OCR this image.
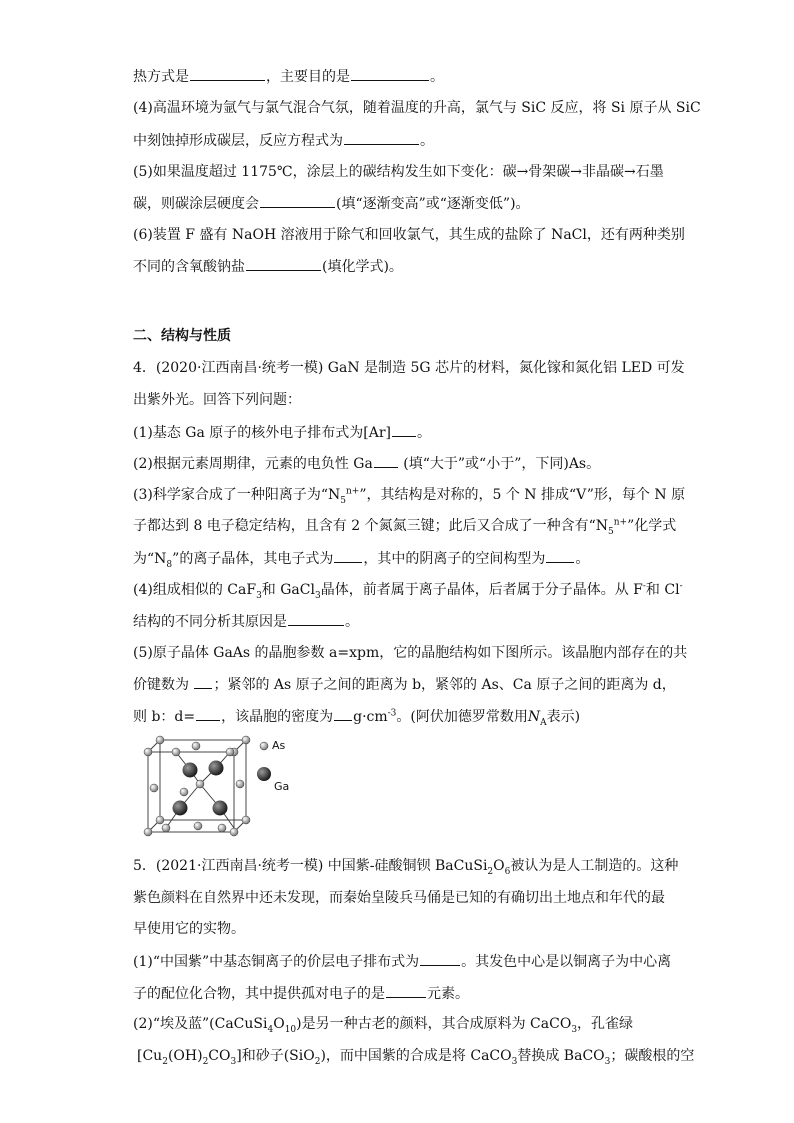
热方式是	，主要目的是	。
(4)高温环境为氩气与氯气混合气氛，随着温度的升高，氯气与 SiC 反应，将 Si 原子从 SiC
中刻蚀掉形成碳层，反应方程式为	。
(5)如果温度超过 1175℃，涂层上的碳结构发生如下变化：碳→骨架碳→非晶碳→石墨
碳，则碳涂层硬度会	(填“逐渐变高”或“逐渐变低”)。
(6)装置 F 盛有 NaOH 溶液用于除气和回收氯气，其生成的盐除了 NaCl，还有两种类别
不同的含氧酸钠盐	(填化学式)。
二、结构与性质
4．(2020·江西南昌·统考一模) GaN 是制造 5G 芯片的材料，氮化镓和氮化铝 LED 可发
出紫外光。回答下列问题：
(1)基态 Ga 原子的核外电子排布式为[Ar] 。
(2)根据元素周期律，元素的电负性 Ga (填“大于”或“小于”，下同)As。
(3)科学家合成了一种阳离子为“$N_5^{n+}$”，其结构是对称的，5 个 N 排成“V”形，每个 N 原
子都达到 8 电子稳定结构，且含有 2 个氮氮三键；此后又合成了一种含有“$N_5^{n+}$”化学式
为“$N_8$”的离子晶体，其电子式为 ，其中的阴离子的空间构型为 。
(4)组成相似的 CaF$_3$和 GaCl$_3$晶体，前者属于离子晶体，后者属于分子晶体。从 F-和 Cl-
结构的不同分析其原因是	。
(5)原子晶体 GaAs 的晶胞参数 a=xpm，它的晶胞结构如下图所示。该晶胞内部存在的共
价键数为 ；紧邻的 As 原子之间的距离为 b，紧邻的 As、Ca 原子之间的距离为 d，
则 b：d= ，该晶胞的密度为 $g\cdot cm^{-3}$。(阿伏加德罗常数用$N_A$表示)
As
Ga
5．(2021·江西南昌·统考一模) 中国紫-硅酸铜钡 $BaCuSi_2O_6$被认为是人工制造的。这种
紫色颜料在自然界中还未发现，而秦始皇陵兵马俑是已知的有确切出土地点和年代的最
早使用它的实物。
(1)“中国紫”中基态铜离子的价层电子排布式为	。其发色中心是以铜离子为中心离
子的配位化合物，其中提供孤对电子的是	元素。
(2)“埃及蓝$”(CaCuSi_4O_{10})$是另一种古老的颜料，其合成原料为 CaCO$_3$，孔雀绿
$[Cu_2(OH)_2CO_3]$和砂子(SiO$_2$)，而中国紫的合成是将 CaCO$_3$替换成 BaCO$_3$；碳酸根的空
